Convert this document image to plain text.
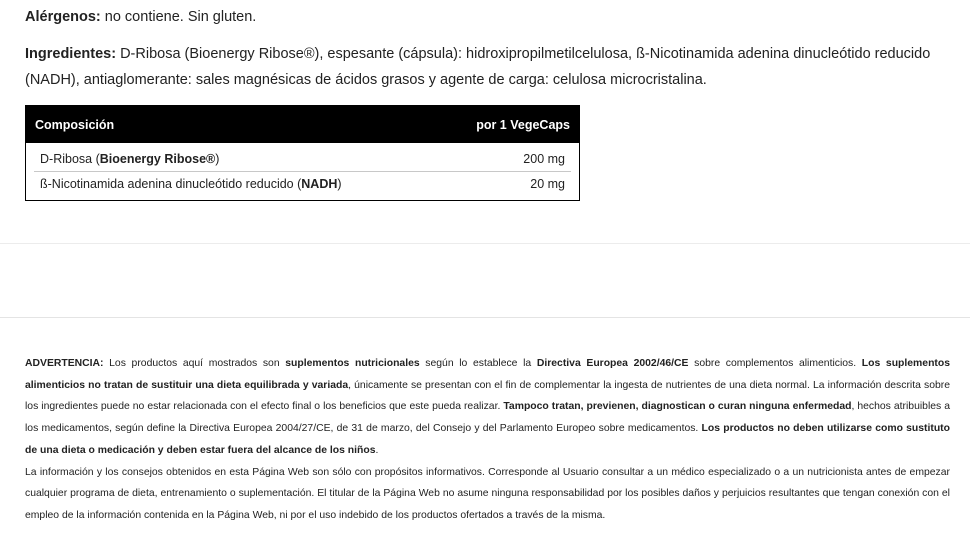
Alérgenos: no contiene. Sin gluten.

Ingredientes: D-Ribosa (Bioenergy Ribose®), espesante (cápsula): hidroxipropilmetilcelulosa, ß-Nicotinamida adenina dinucleótido reducido (NADH), antiaglomerante: sales magnésicas de ácidos grasos y agente de carga: celulosa microcristalina.

Composición	por 1 VegeCaps

D-Ribosa (Bioenergy Ribose®)	200 mg
ß-Nicotinamida adenina dinucleótido reducido (NADH)	20 mg

ADVERTENCIA: Los productos aquí mostrados son suplementos nutricionales según lo establece la Directiva Europea 2002/46/CE sobre complementos alimenticios. Los suplementos alimenticios no tratan de sustituir una dieta equilibrada y variada, únicamente se presentan con el fin de complementar la ingesta de nutrientes de una dieta normal. La información descrita sobre los ingredientes puede no estar relacionada con el efecto final o los beneficios que este pueda realizar. Tampoco tratan, previenen, diagnostican o curan ninguna enfermedad, hechos atribuibles a los medicamentos, según define la Directiva Europea 2004/27/CE, de 31 de marzo, del Consejo y del Parlamento Europeo sobre medicamentos. Los productos no deben utilizarse como sustituto de una dieta o medicación y deben estar fuera del alcance de los niños.

La información y los consejos obtenidos en esta Página Web son sólo con propósitos informativos. Corresponde al Usuario consultar a un médico especializado o a un nutricionista antes de empezar cualquier programa de dieta, entrenamiento o suplementación. El titular de la Página Web no asume ninguna responsabilidad por los posibles daños y perjuicios resultantes que tengan conexión con el empleo de la información contenida en la Página Web, ni por el uso indebido de los productos ofertados a través de la misma.
